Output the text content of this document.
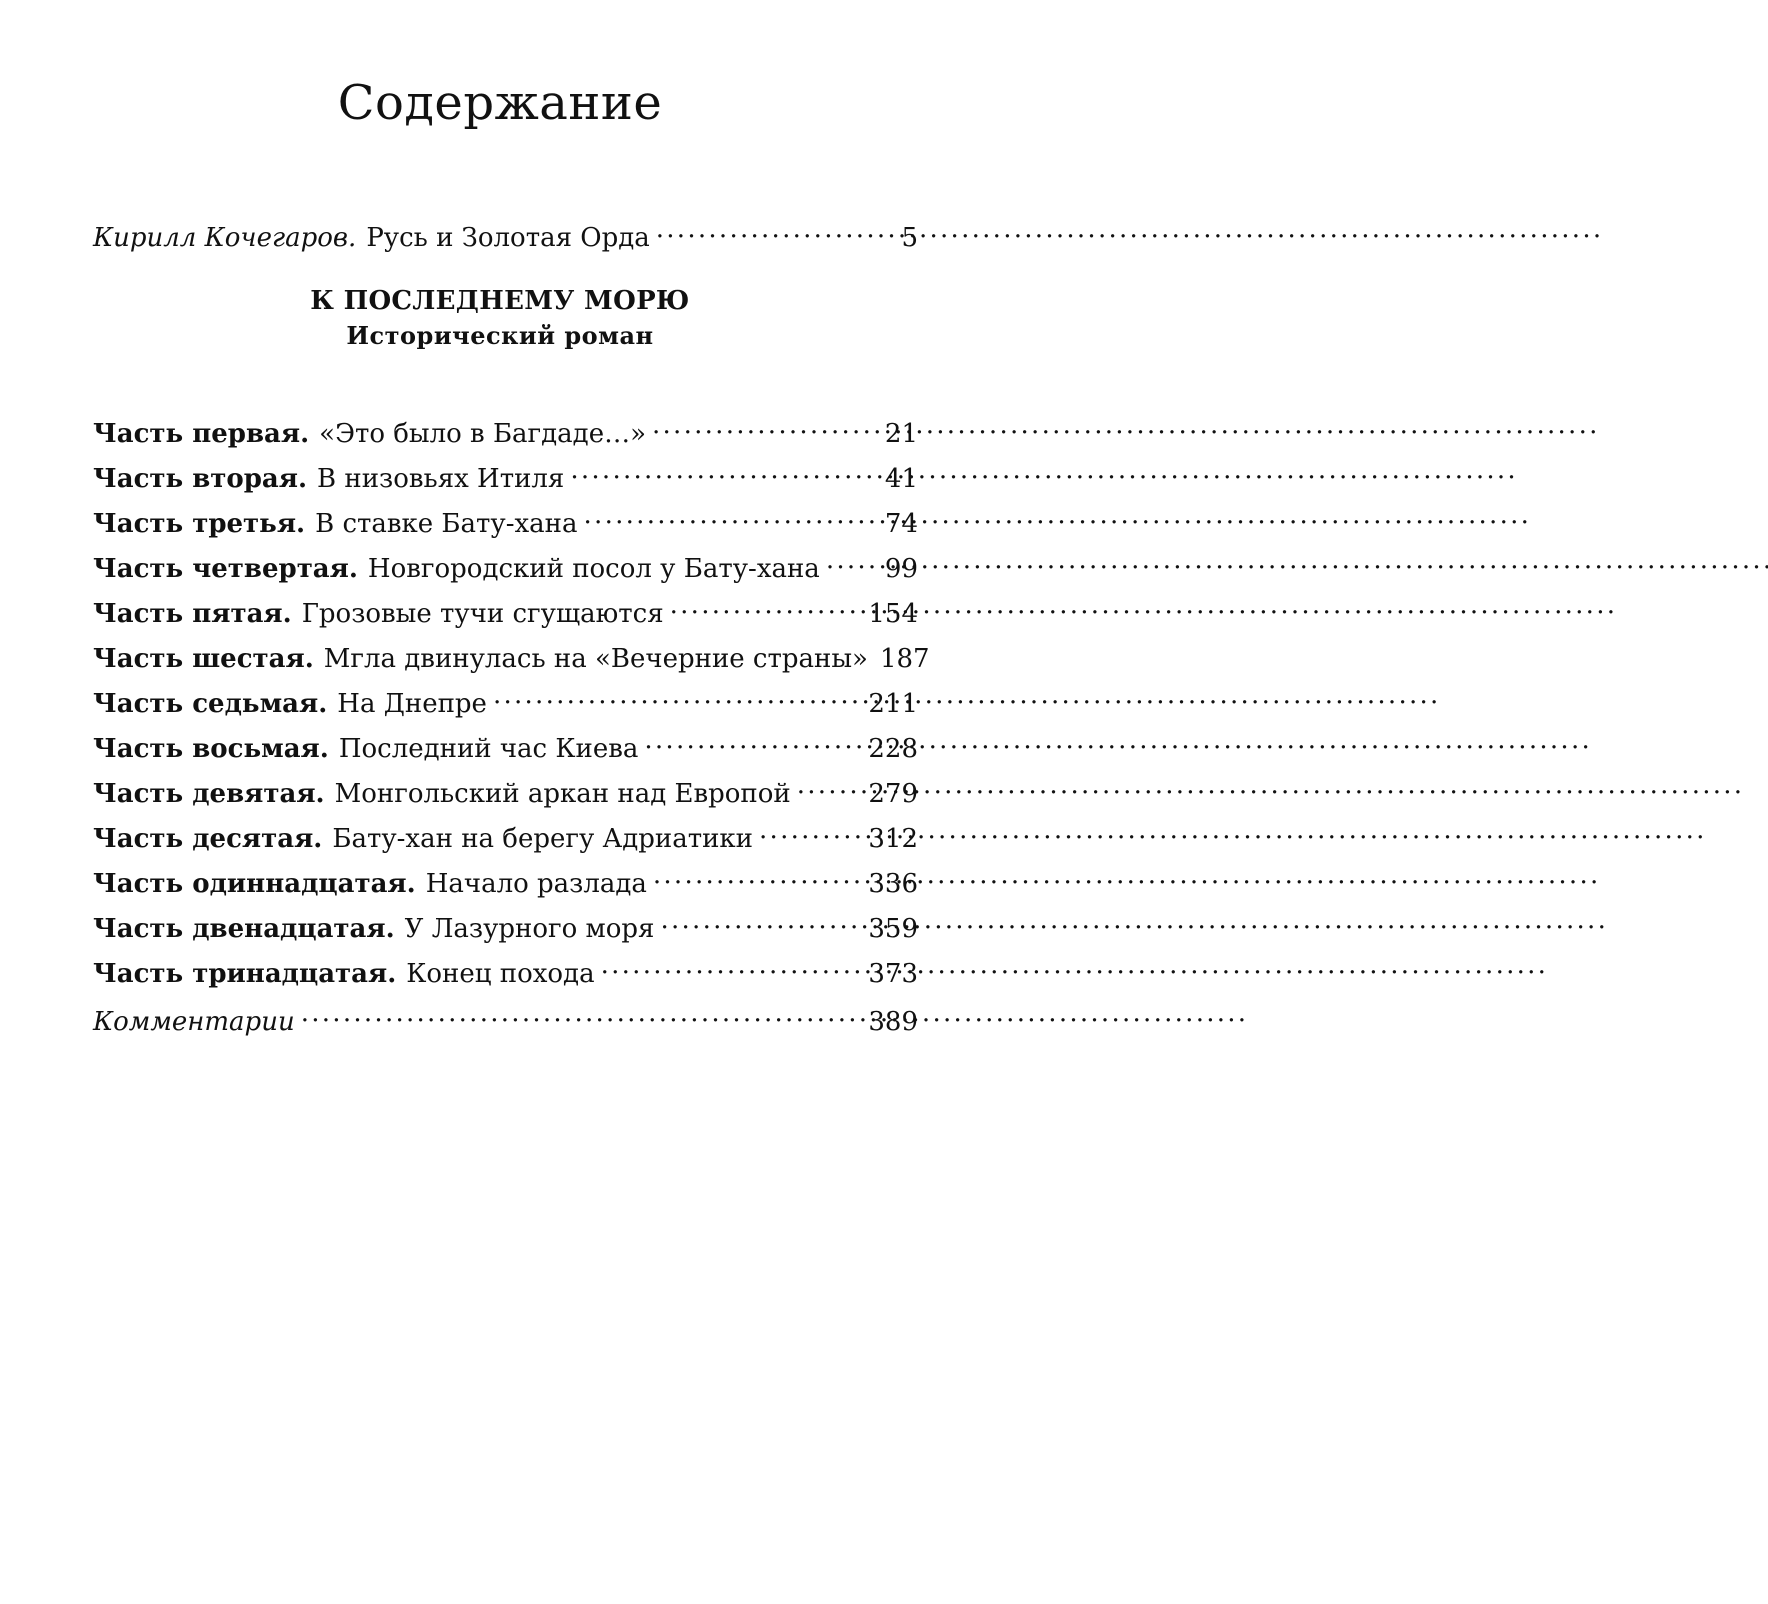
Содержание
Кирилл Кочегаров. Русь и Золотая Орда . . .	5
К ПОСЛЕДНЕМУ МОРЮ
Исторический роман
Часть первая. «Это было в Багдаде…» . . .	21
Часть вторая. В низовьях Итиля . . .	41
Часть третья. В ставке Бату-хана . . .	74
Часть четвертая. Новгородский посол у Бату-хана . . .	99
Часть пятая. Грозовые тучи сгущаются . . .	154
Часть шестая. Мгла двинулась на «Вечерние страны» 187
Часть седьмая. На Днепре . . .	211
Часть восьмая. Последний час Киева . . .	228
Часть девятая. Монгольский аркан над Европой . . .	279
Часть десятая. Бату-хан на берегу Адриатики . . .	312
Часть одиннадцатая. Начало разлада . . .	336
Часть двенадцатая. У Лазурного моря . . .	359
Часть тринадцатая. Конец похода . . .	373
Комментарии . . .	389
